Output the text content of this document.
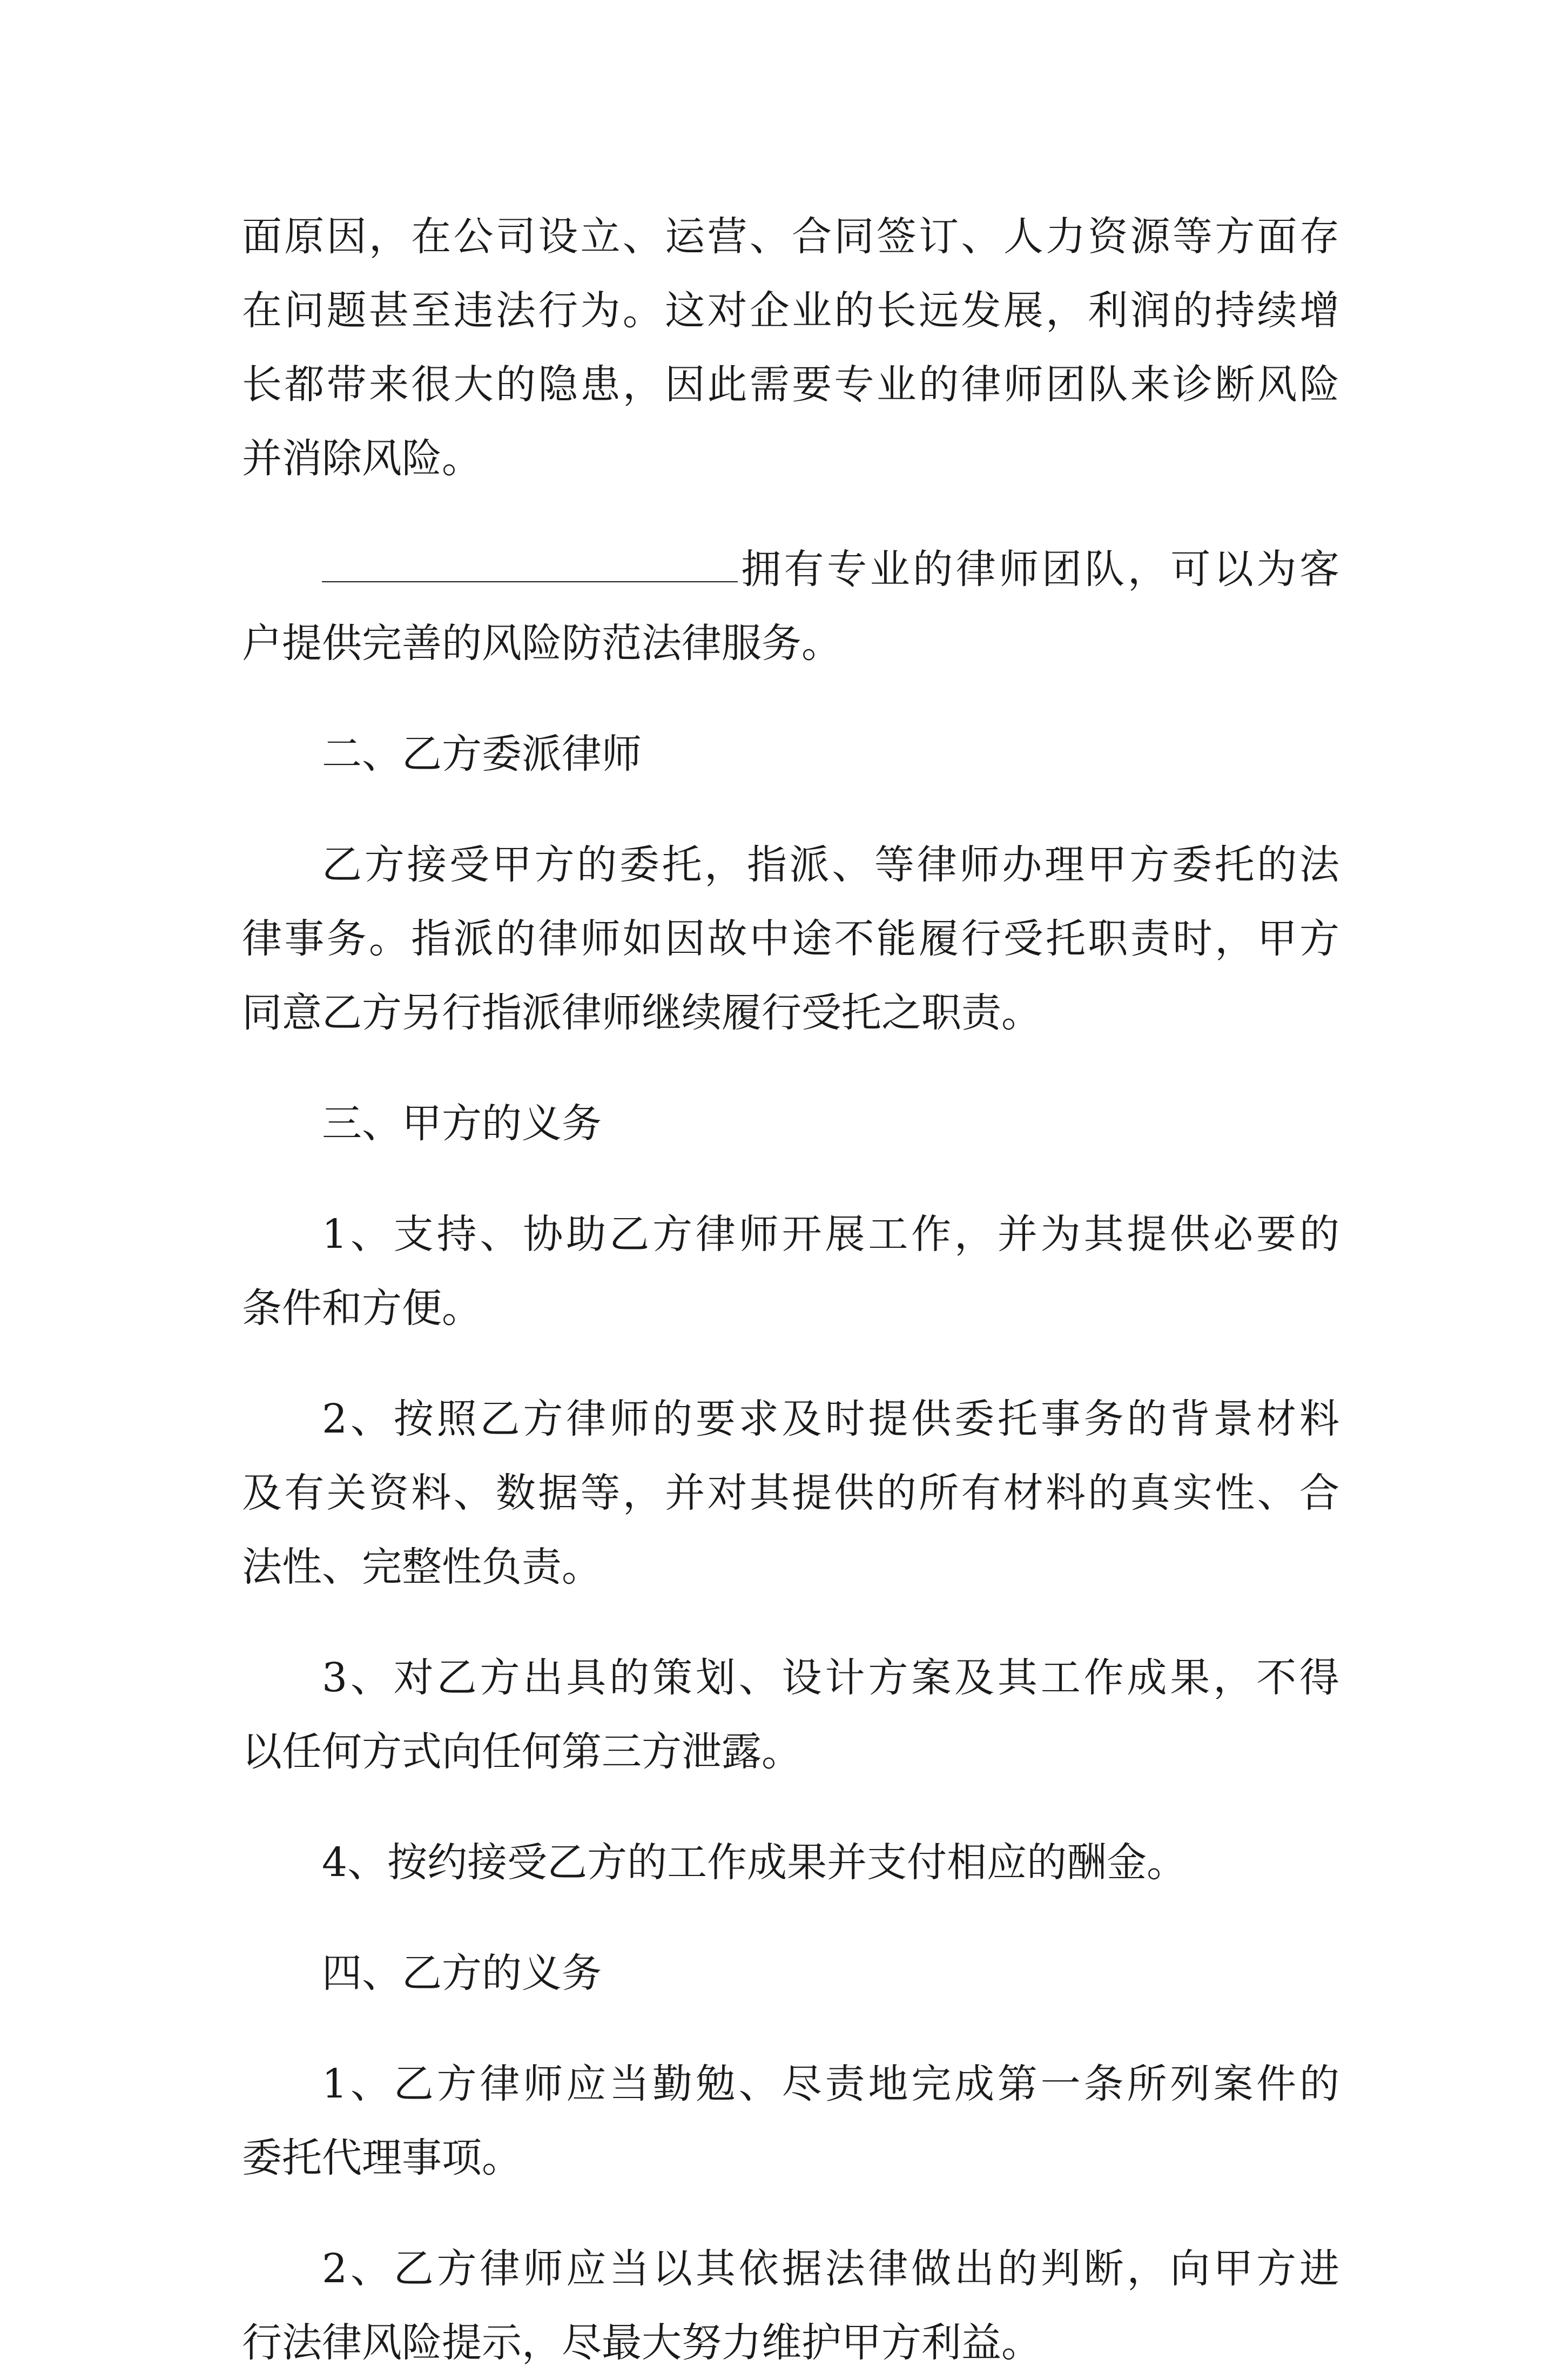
面原因，在公司设立、运营、合同签订、人力资源等方面存
在问题甚至违法行为。这对企业的长远发展，利润的持续增
长都带来很大的隐患，因此需要专业的律师团队来诊断风险
并消除风险。
拥有专业的律师团队，可以为客
户提供完善的风险防范法律服务。
二、乙方委派律师
乙方接受甲方的委托，指派、等律师办理甲方委托的法
律事务。指派的律师如因故中途不能履行受托职责时，甲方
同意乙方另行指派律师继续履行受托之职责。
三、甲方的义务
1、支持、协助乙方律师开展工作，并为其提供必要的
条件和方便。
2、按照乙方律师的要求及时提供委托事务的背景材料
及有关资料、数据等，并对其提供的所有材料的真实性、合
法性、完整性负责。
3、对乙方出具的策划、设计方案及其工作成果，不得
以任何方式向任何第三方泄露。
4、按约接受乙方的工作成果并支付相应的酬金。
四、乙方的义务
1、乙方律师应当勤勉、尽责地完成第一条所列案件的
委托代理事项。
2、乙方律师应当以其依据法律做出的判断，向甲方进
行法律风险提示，尽最大努力维护甲方利益。
